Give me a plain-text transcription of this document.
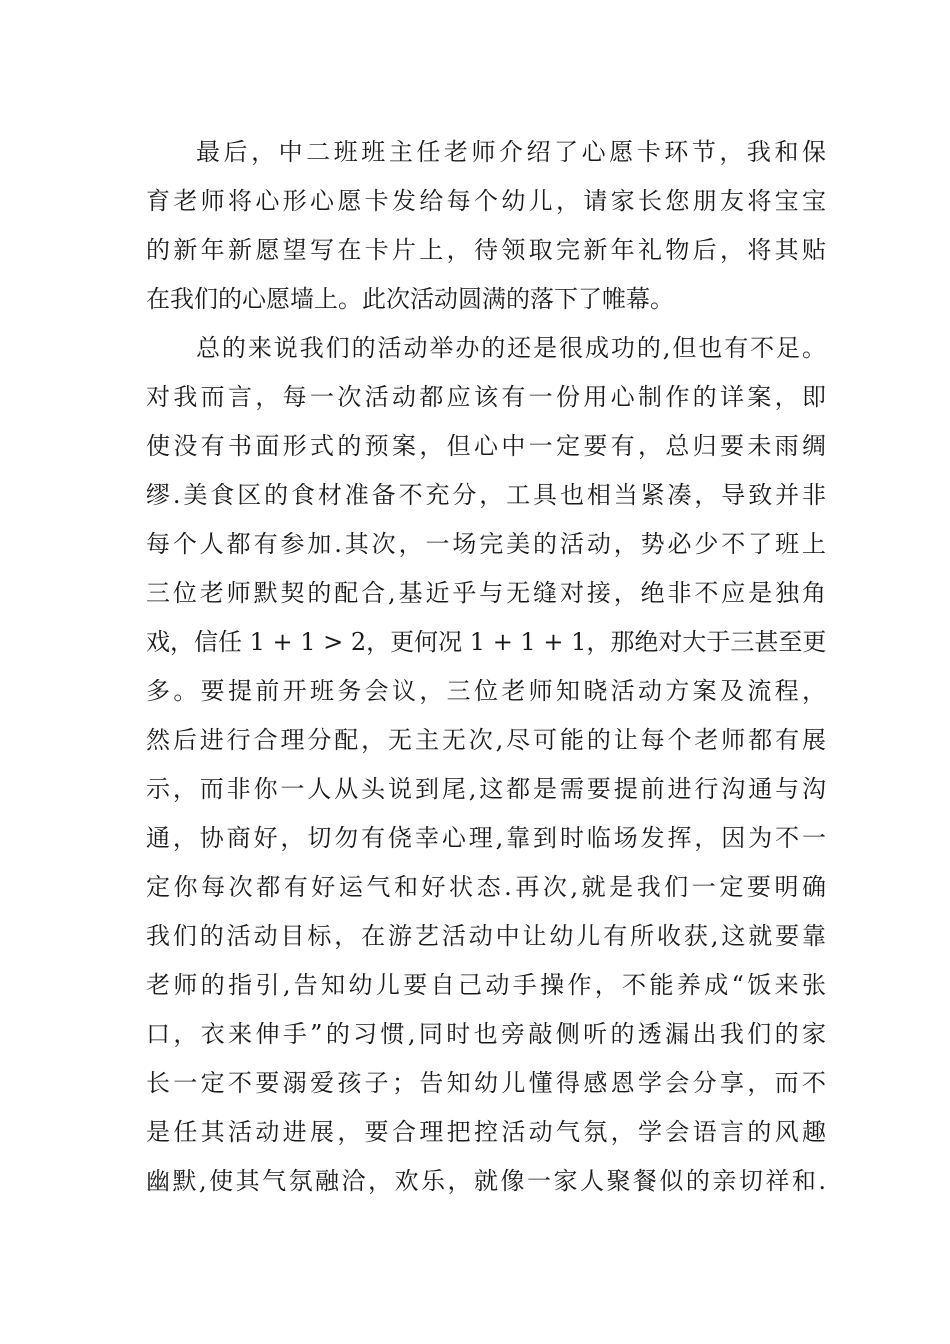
最后，中二班班主任老师介绍了心愿卡环节，我和保
育老师将心形心愿卡发给每个幼儿，请家长您朋友将宝宝
的新年新愿望写在卡片上，待领取完新年礼物后，将其贴
在我们的心愿墙上。此次活动圆满的落下了帷幕。
总的来说我们的活动举办的还是很成功的,但也有不足。
对我而言，每一次活动都应该有一份用心制作的详案，即
使没有书面形式的预案，但心中一定要有，总归要未雨绸
缪.美食区的食材准备不充分，工具也相当紧凑，导致并非
每个人都有参加.其次，一场完美的活动，势必少不了班上
三位老师默契的配合,基近乎与无缝对接，绝非不应是独角
戏，信任 1 + 1 > 2，更何况 1 + 1 + 1，那绝对大于三甚至更
多。要提前开班务会议，三位老师知晓活动方案及流程，
然后进行合理分配，无主无次,尽可能的让每个老师都有展
示，而非你一人从头说到尾,这都是需要提前进行沟通与沟
通，协商好，切勿有侥幸心理,靠到时临场发挥，因为不一
定你每次都有好运气和好状态.再次,就是我们一定要明确
我们的活动目标，在游艺活动中让幼儿有所收获,这就要靠
老师的指引,告知幼儿要自己动手操作，不能养成“饭来张
口，衣来伸手”的习惯,同时也旁敲侧听的透漏出我们的家
长一定不要溺爱孩子；告知幼儿懂得感恩学会分享，而不
是任其活动进展，要合理把控活动气氛，学会语言的风趣
幽默,使其气氛融洽，欢乐，就像一家人聚餐似的亲切祥和.
